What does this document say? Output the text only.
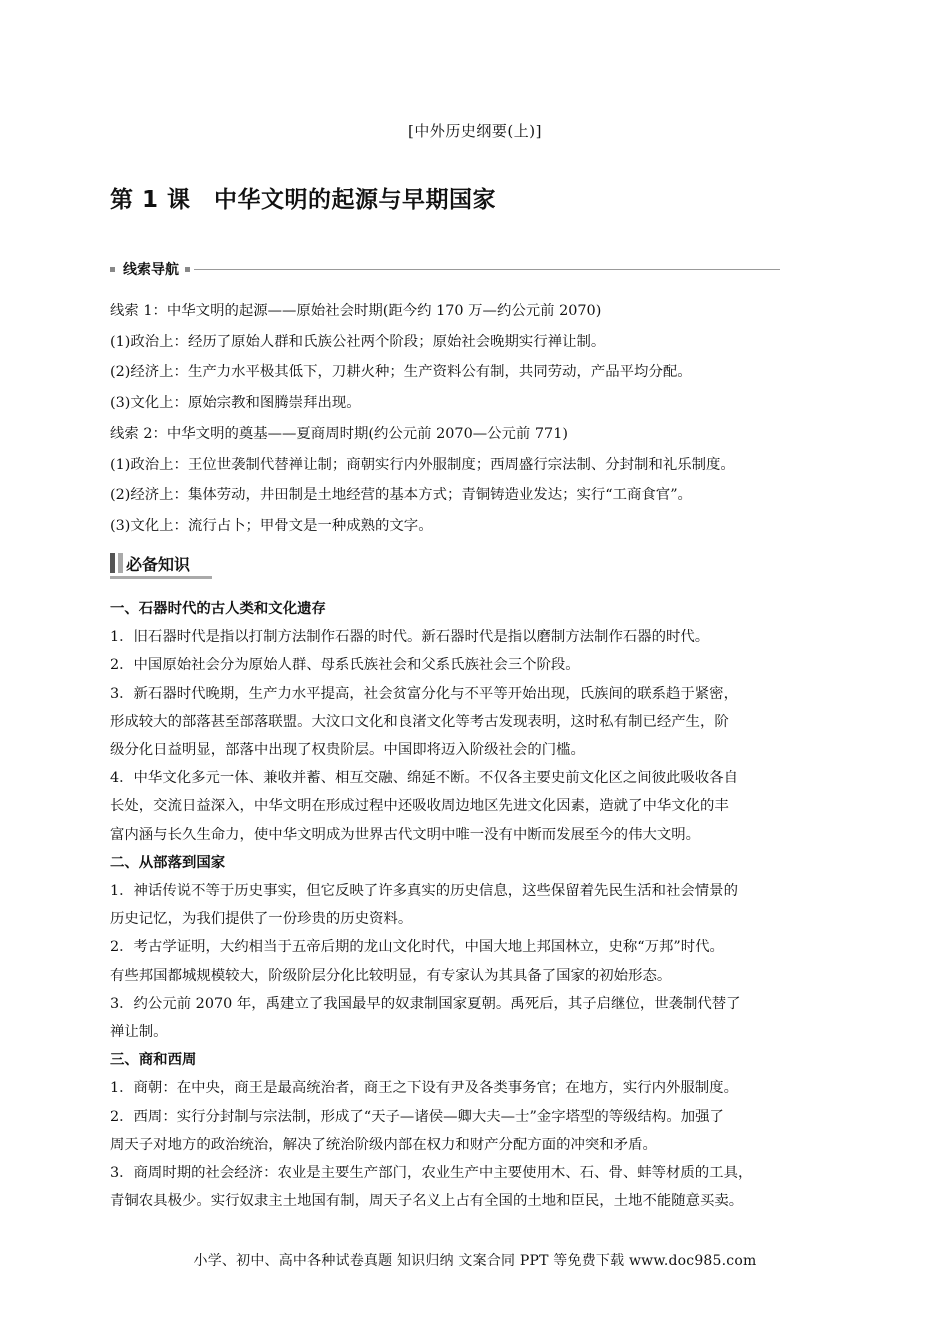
[中外历史纲要(上)]
第 1 课　中华文明的起源与早期国家
线索导航

线索 1：中华文明的起源——原始社会时期(距今约 170 万—约公元前 2070)

(1)政治上：经历了原始人群和氏族公社两个阶段；原始社会晚期实行禅让制。

(2)经济上：生产力水平极其低下，刀耕火种；生产资料公有制，共同劳动，产品平均分配。

(3)文化上：原始宗教和图腾崇拜出现。

线索 2：中华文明的奠基——夏商周时期(约公元前 2070—公元前 771)

(1)政治上：王位世袭制代替禅让制；商朝实行内外服制度；西周盛行宗法制、分封制和礼乐制度。

(2)经济上：集体劳动，井田制是土地经营的基本方式；青铜铸造业发达；实行“工商食官”。

(3)文化上：流行占卜；甲骨文是一种成熟的文字。

必备知识

一、石器时代的古人类和文化遗存

1．旧石器时代是指以打制方法制作石器的时代。新石器时代是指以磨制方法制作石器的时代。

2．中国原始社会分为原始人群、母系氏族社会和父系氏族社会三个阶段。

3．新石器时代晚期，生产力水平提高，社会贫富分化与不平等开始出现，氏族间的联系趋于紧密，

形成较大的部落甚至部落联盟。大汶口文化和良渚文化等考古发现表明，这时私有制已经产生，阶

级分化日益明显，部落中出现了权贵阶层。中国即将迈入阶级社会的门槛。

4．中华文化多元一体、兼收并蓄、相互交融、绵延不断。不仅各主要史前文化区之间彼此吸收各自

长处，交流日益深入，中华文明在形成过程中还吸收周边地区先进文化因素，造就了中华文化的丰

富内涵与长久生命力，使中华文明成为世界古代文明中唯一没有中断而发展至今的伟大文明。

二、从部落到国家

1．神话传说不等于历史事实，但它反映了许多真实的历史信息，这些保留着先民生活和社会情景的

历史记忆，为我们提供了一份珍贵的历史资料。

2．考古学证明，大约相当于五帝后期的龙山文化时代，中国大地上邦国林立，史称“万邦”时代。

有些邦国都城规模较大，阶级阶层分化比较明显，有专家认为其具备了国家的初始形态。

3．约公元前 2070 年，禹建立了我国最早的奴隶制国家夏朝。禹死后，其子启继位，世袭制代替了

禅让制。

三、商和西周

1．商朝：在中央，商王是最高统治者，商王之下设有尹及各类事务官；在地方，实行内外服制度。

2．西周：实行分封制与宗法制，形成了“天子—诸侯—卿大夫—士”金字塔型的等级结构。加强了

周天子对地方的政治统治，解决了统治阶级内部在权力和财产分配方面的冲突和矛盾。

3．商周时期的社会经济：农业是主要生产部门，农业生产中主要使用木、石、骨、蚌等材质的工具，

青铜农具极少。实行奴隶主土地国有制，周天子名义上占有全国的土地和臣民，土地不能随意买卖。

小学、初中、高中各种试卷真题 知识归纳 文案合同 PPT 等免费下载 www.doc985.com
